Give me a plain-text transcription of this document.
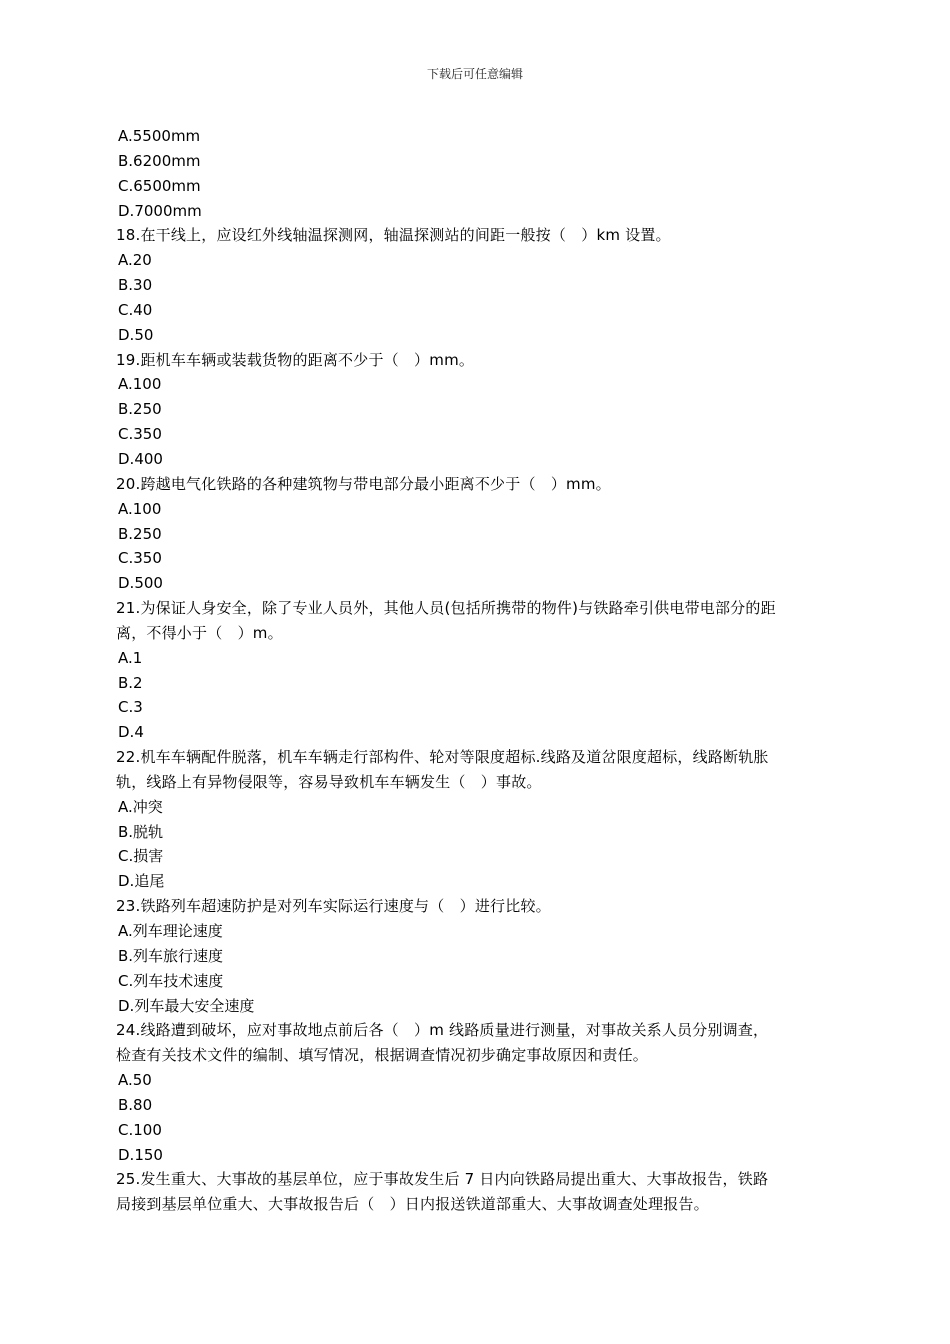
下载后可任意编辑

A.5500mm

B.6200mm

C.6500mm

D.7000mm

18.在干线上，应设红外线轴温探测网，轴温探测站的间距一般按（　）km 设置。

A.20

B.30

C.40

D.50

19.距机车车辆或装载货物的距离不少于（　）mm。

A.100

B.250

C.350

D.400

20.跨越电气化铁路的各种建筑物与带电部分最小距离不少于（　）mm。

A.100

B.250

C.350

D.500

21.为保证人身安全，除了专业人员外，其他人员(包括所携带的物件)与铁路牵引供电带电部分的距

离，不得小于（　）m。

A.1

B.2

C.3

D.4

22.机车车辆配件脱落，机车车辆走行部构件、轮对等限度超标.线路及道岔限度超标，线路断轨胀

轨，线路上有异物侵限等，容易导致机车车辆发生（　）事故。

A.冲突

B.脱轨

C.损害

D.追尾

23.铁路列车超速防护是对列车实际运行速度与（　）进行比较。

A.列车理论速度

B.列车旅行速度

C.列车技术速度

D.列车最大安全速度

24.线路遭到破坏，应对事故地点前后各（　）m 线路质量进行测量，对事故关系人员分别调查，

检查有关技术文件的编制、填写情况，根据调查情况初步确定事故原因和责任。

A.50

B.80

C.100

D.150

25.发生重大、大事故的基层单位，应于事故发生后 7 日内向铁路局提出重大、大事故报告，铁路

局接到基层单位重大、大事故报告后（　）日内报送铁道部重大、大事故调查处理报告。
